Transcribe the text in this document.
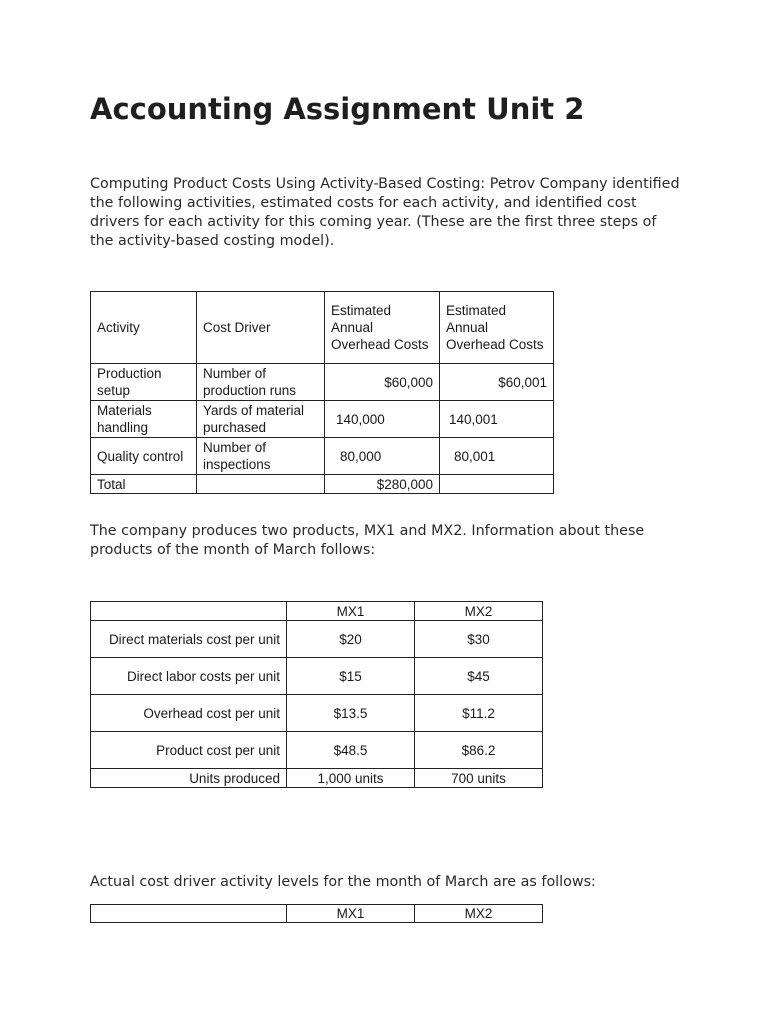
Accounting Assignment Unit 2

Computing Product Costs Using Activity-Based Costing: Petrov Company identified the following activities, estimated costs for each activity, and identified cost drivers for each activity for this coming year. (These are the first three steps of the activity-based costing model).

Activity	Cost Driver	Estimated Annual Overhead Costs	Estimated Annual Overhead Costs
Production setup	Number of production runs	$60,000	$60,001
Materials handling	Yards of material purchased	140,000	140,001
Quality control	Number of inspections	80,000	80,001
Total		$280,000	

The company produces two products, MX1 and MX2. Information about these products of the month of March follows:

	MX1	MX2
Direct materials cost per unit	$20	$30
Direct labor costs per unit	$15	$45
Overhead cost per unit	$13.5	$11.2
Product cost per unit	$48.5	$86.2
Units produced	1,000 units	700 units

Actual cost driver activity levels for the month of March are as follows:

	MX1	MX2
